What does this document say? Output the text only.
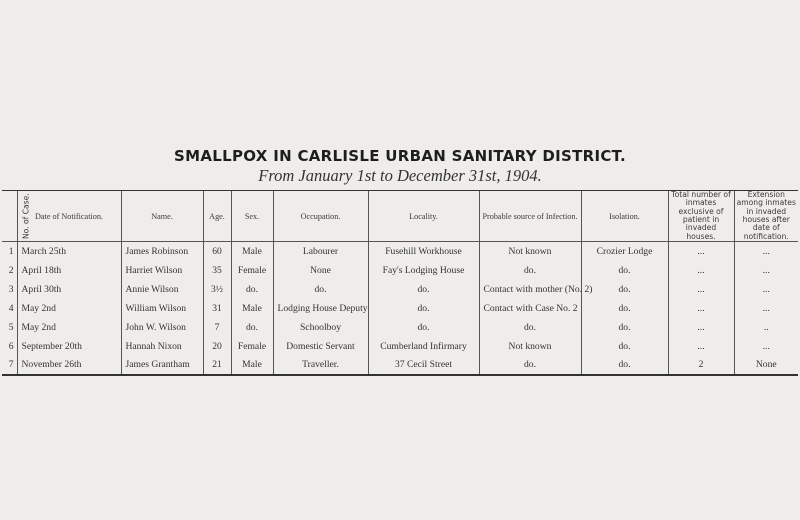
SMALLPOX IN CARLISLE URBAN SANITARY DISTRICT.
From January 1st to December 31st, 1904.
No. of Case.	Date of Notification.	Name.	Age.	Sex.	Occupation.	Locality.	Probable source of Infection.	Isolation.	Total number of inmates exclusive of patient in invaded houses.	Extension among inmates in invaded houses after date of notification.
1	March 25th	James Robinson	60	Male	Labourer	Fusehill Workhouse	Not known	Crozier Lodge	...	...
2	April 18th	Harriet Wilson	35	Female	None	Fay's Lodging House	do.	do.	...	...
3	April 30th	Annie Wilson	3½	do.	do.	do.	Contact with mother (No. 2)	do.	...	...
4	May 2nd	William Wilson	31	Male	Lodging House Deputy	do.	Contact with Case No. 2	do.	...	...
5	May 2nd	John W. Wilson	7	do.	Schoolboy	do.	do.	do.	...	..
6	September 20th	Hannah Nixon	20	Female	Domestic Servant	Cumberland Infirmary	Not known	do.	...	...
7	November 26th	James Grantham	21	Male	Traveller.	37 Cecil Street	do.	do.	2	None
